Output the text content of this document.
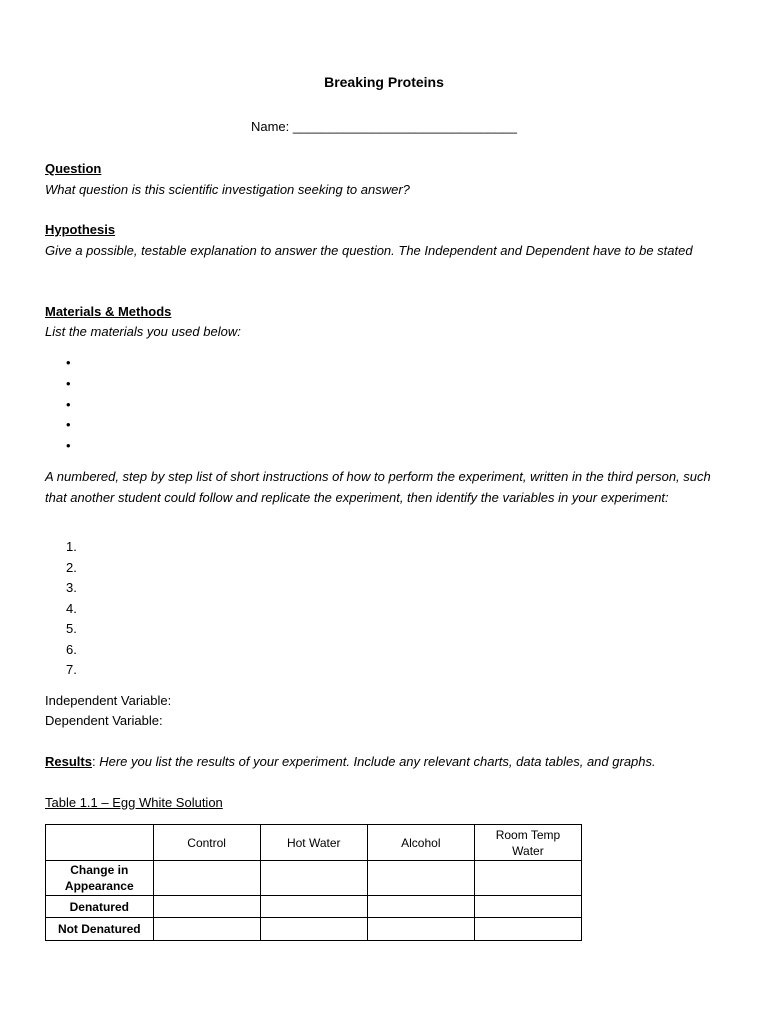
Breaking Proteins
Name: _______________________________
Question
What question is this scientific investigation seeking to answer?
Hypothesis
Give a possible, testable explanation to answer the question. The Independent and Dependent have to be stated
Materials & Methods
List the materials you used below:
•
•
•
•
•
A numbered, step by step list of short instructions of how to perform the experiment, written in the third person, such that another student could follow and replicate the experiment, then identify the variables in your experiment:
1.
2.
3.
4.
5.
6.
7.
Independent Variable:
Dependent Variable:
Results: Here you list the results of your experiment. Include any relevant charts, data tables, and graphs.
Table 1.1 – Egg White Solution
	Control	Hot Water	Alcohol	Room Temp Water
Change in Appearance				
Denatured				
Not Denatured				
